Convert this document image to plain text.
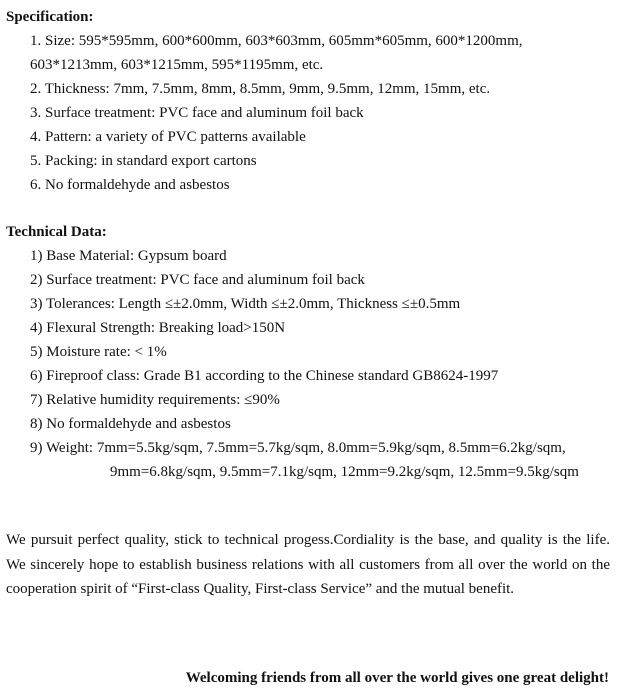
Specification:
1. Size: 595*595mm, 600*600mm, 603*603mm, 605mm*605mm, 600*1200mm,
603*1213mm, 603*1215mm, 595*1195mm, etc.
2. Thickness: 7mm, 7.5mm, 8mm, 8.5mm, 9mm, 9.5mm, 12mm, 15mm, etc.
3. Surface treatment: PVC face and aluminum foil back
4. Pattern: a variety of PVC patterns available
5. Packing: in standard export cartons
6. No formaldehyde and asbestos
Technical Data:
1) Base Material: Gypsum board
2) Surface treatment: PVC face and aluminum foil back
3) Tolerances: Length ≤±2.0mm, Width ≤±2.0mm, Thickness ≤±0.5mm
4) Flexural Strength: Breaking load>150N
5) Moisture rate: < 1%
6) Fireproof class: Grade B1 according to the Chinese standard GB8624-1997
7) Relative humidity requirements: ≤90%
8) No formaldehyde and asbestos
9) Weight: 7mm=5.5kg/sqm, 7.5mm=5.7kg/sqm, 8.0mm=5.9kg/sqm, 8.5mm=6.2kg/sqm,
9mm=6.8kg/sqm, 9.5mm=7.1kg/sqm, 12mm=9.2kg/sqm, 12.5mm=9.5kg/sqm
We pursuit perfect quality, stick to technical progess.Cordiality is the base, and quality is the life. We sincerely hope to establish business relations with all customers from all over the world on the cooperation spirit of “First-class Quality, First-class Service” and the mutual benefit.
Welcoming friends from all over the world gives one great delight!
